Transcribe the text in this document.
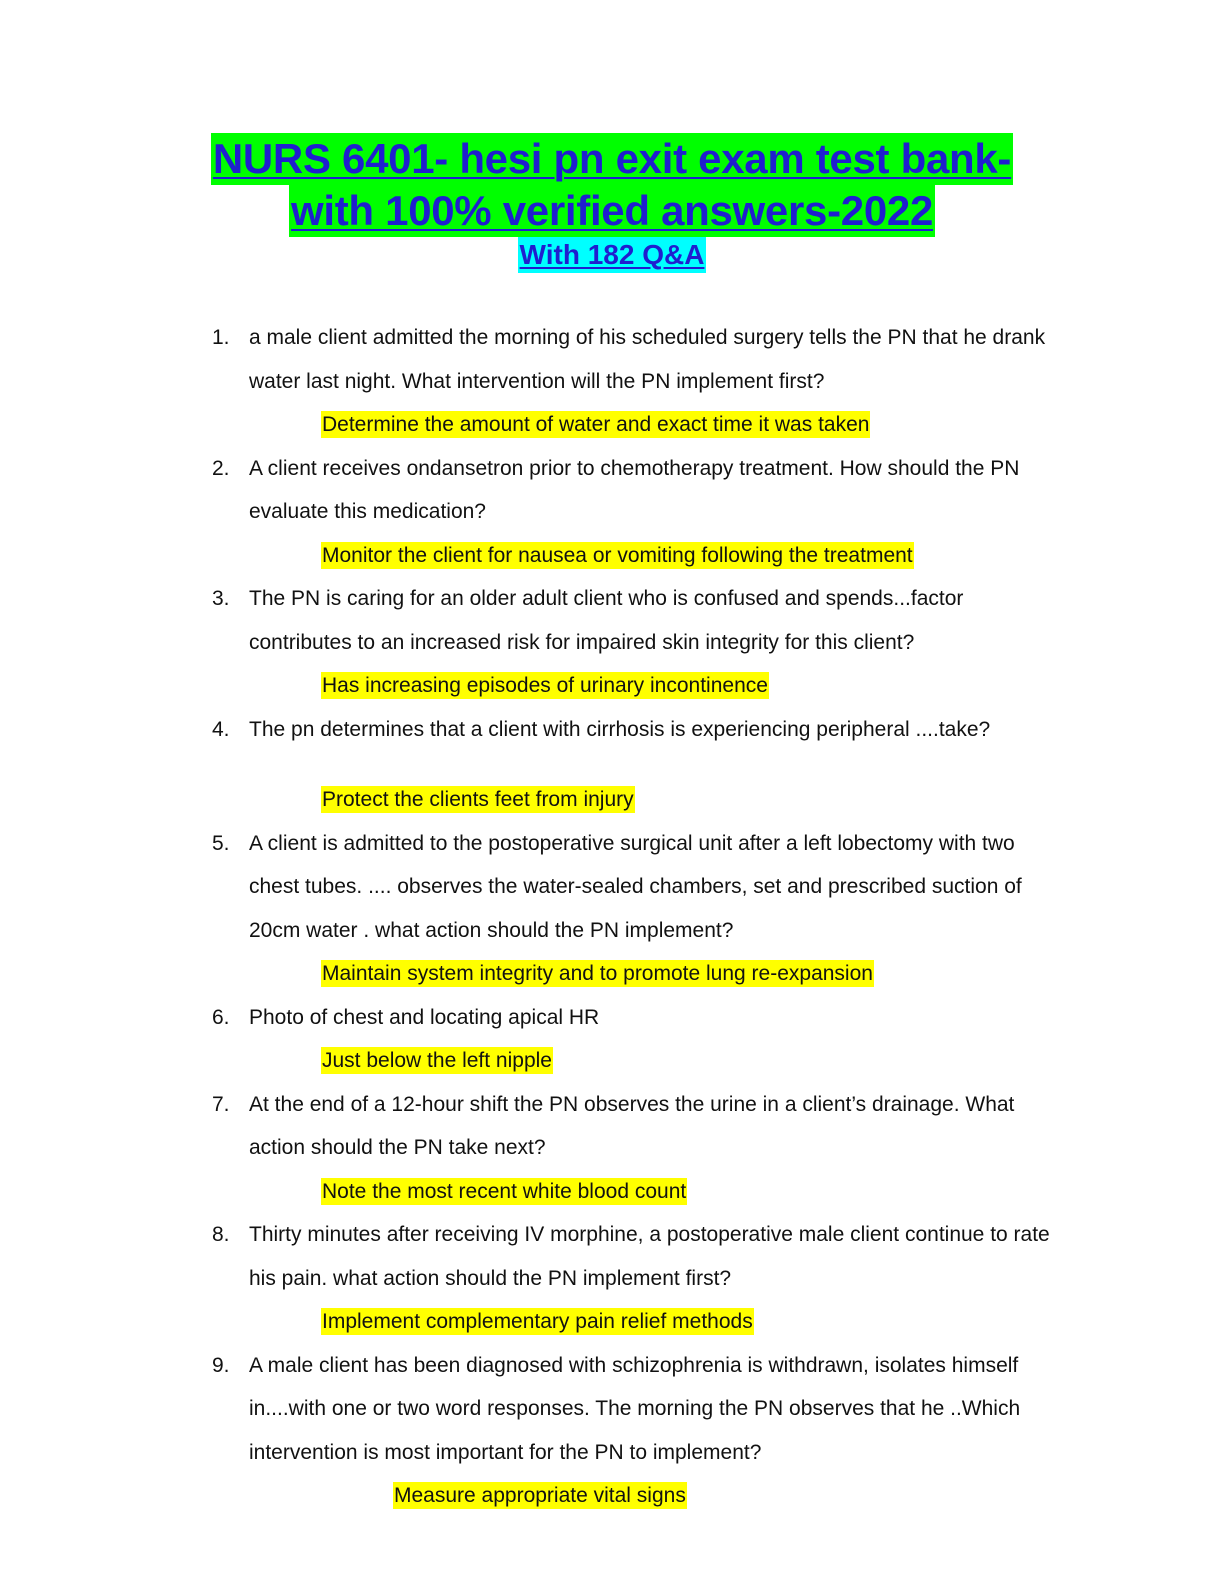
NURS 6401- hesi pn exit exam test bank-
with 100% verified answers-2022
With 182 Q&A
1. a male client admitted the morning of his scheduled surgery tells the PN that he drank water last night. What intervention will the PN implement first?
Determine the amount of water and exact time it was taken
2. A client receives ondansetron prior to chemotherapy treatment. How should the PN evaluate this medication?
Monitor the client for nausea or vomiting following the treatment
3. The PN is caring for an older adult client who is confused and spends...factor contributes to an increased risk for impaired skin integrity for this client?
Has increasing episodes of urinary incontinence
4. The pn determines that a client with cirrhosis is experiencing peripheral ....take?
Protect the clients feet from injury
5. A client is admitted to the postoperative surgical unit after a left lobectomy with two chest tubes. .... observes the water-sealed chambers, set and prescribed suction of 20cm water . what action should the PN implement?
Maintain system integrity and to promote lung re-expansion
6. Photo of chest and locating apical HR
Just below the left nipple
7. At the end of a 12-hour shift the PN observes the urine in a client’s drainage. What action should the PN take next?
Note the most recent white blood count
8. Thirty minutes after receiving IV morphine, a postoperative male client continue to rate his pain. what action should the PN implement first?
Implement complementary pain relief methods
9. A male client has been diagnosed with schizophrenia is withdrawn, isolates himself in....with one or two word responses. The morning the PN observes that he ..Which intervention is most important for the PN to implement?
Measure appropriate vital signs
